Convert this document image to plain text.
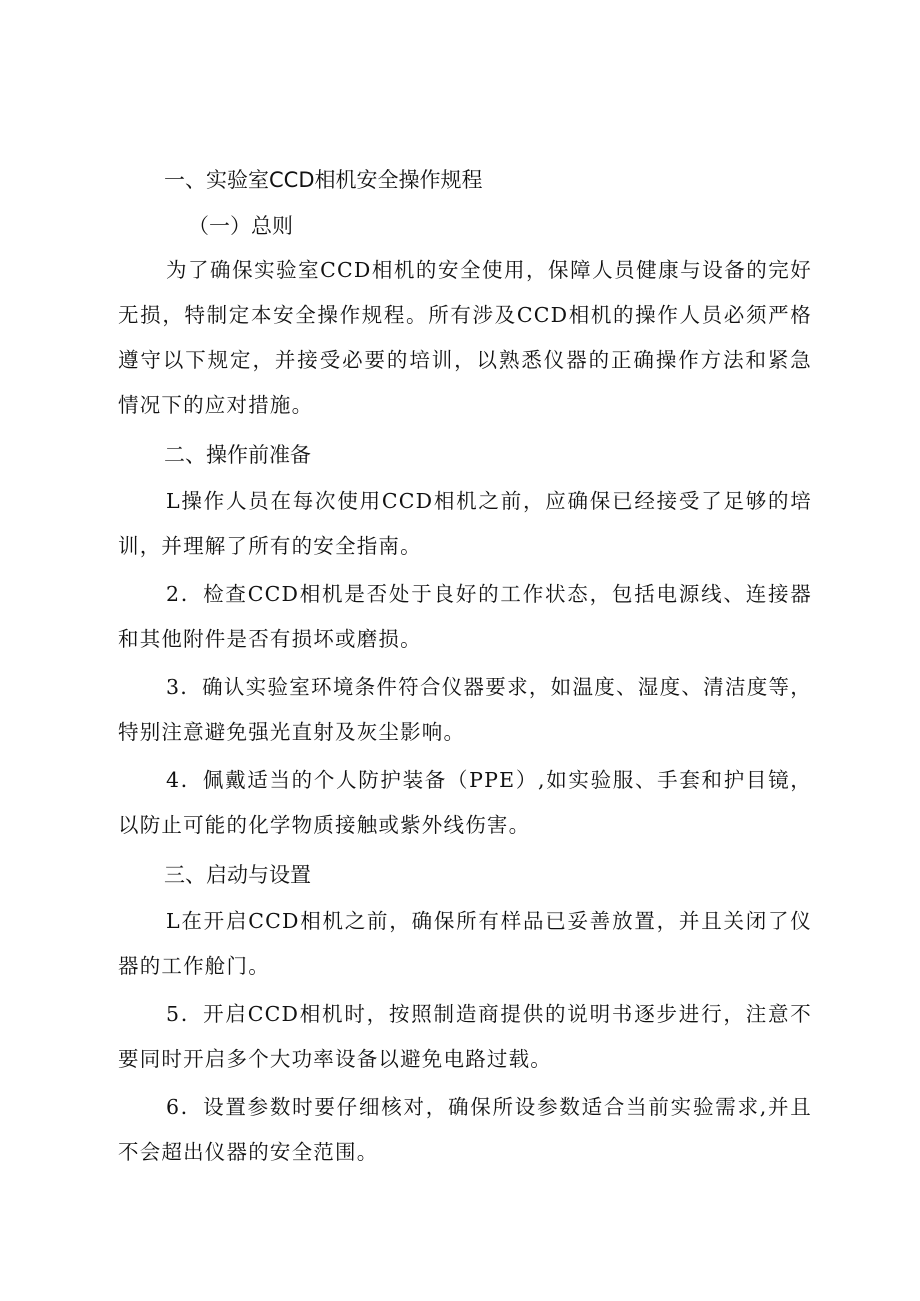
一、实验室CCD相机安全操作规程
（一）总则

为了确保实验室CCD相机的安全使用，保障人员健康与设备的完好无损，特制定本安全操作规程。所有涉及CCD相机的操作人员必须严格遵守以下规定，并接受必要的培训，以熟悉仪器的正确操作方法和紧急情况下的应对措施。

二、操作前准备

L操作人员在每次使用CCD相机之前，应确保已经接受了足够的培训，并理解了所有的安全指南。

2．检查CCD相机是否处于良好的工作状态，包括电源线、连接器和其他附件是否有损坏或磨损。

3．确认实验室环境条件符合仪器要求，如温度、湿度、清洁度等，特别注意避免强光直射及灰尘影响。

4．佩戴适当的个人防护装备（PPE）,如实验服、手套和护目镜，以防止可能的化学物质接触或紫外线伤害。

三、启动与设置

L在开启CCD相机之前，确保所有样品已妥善放置，并且关闭了仪器的工作舱门。

5．开启CCD相机时，按照制造商提供的说明书逐步进行，注意不要同时开启多个大功率设备以避免电路过载。

6．设置参数时要仔细核对，确保所设参数适合当前实验需求,并且不会超出仪器的安全范围。
